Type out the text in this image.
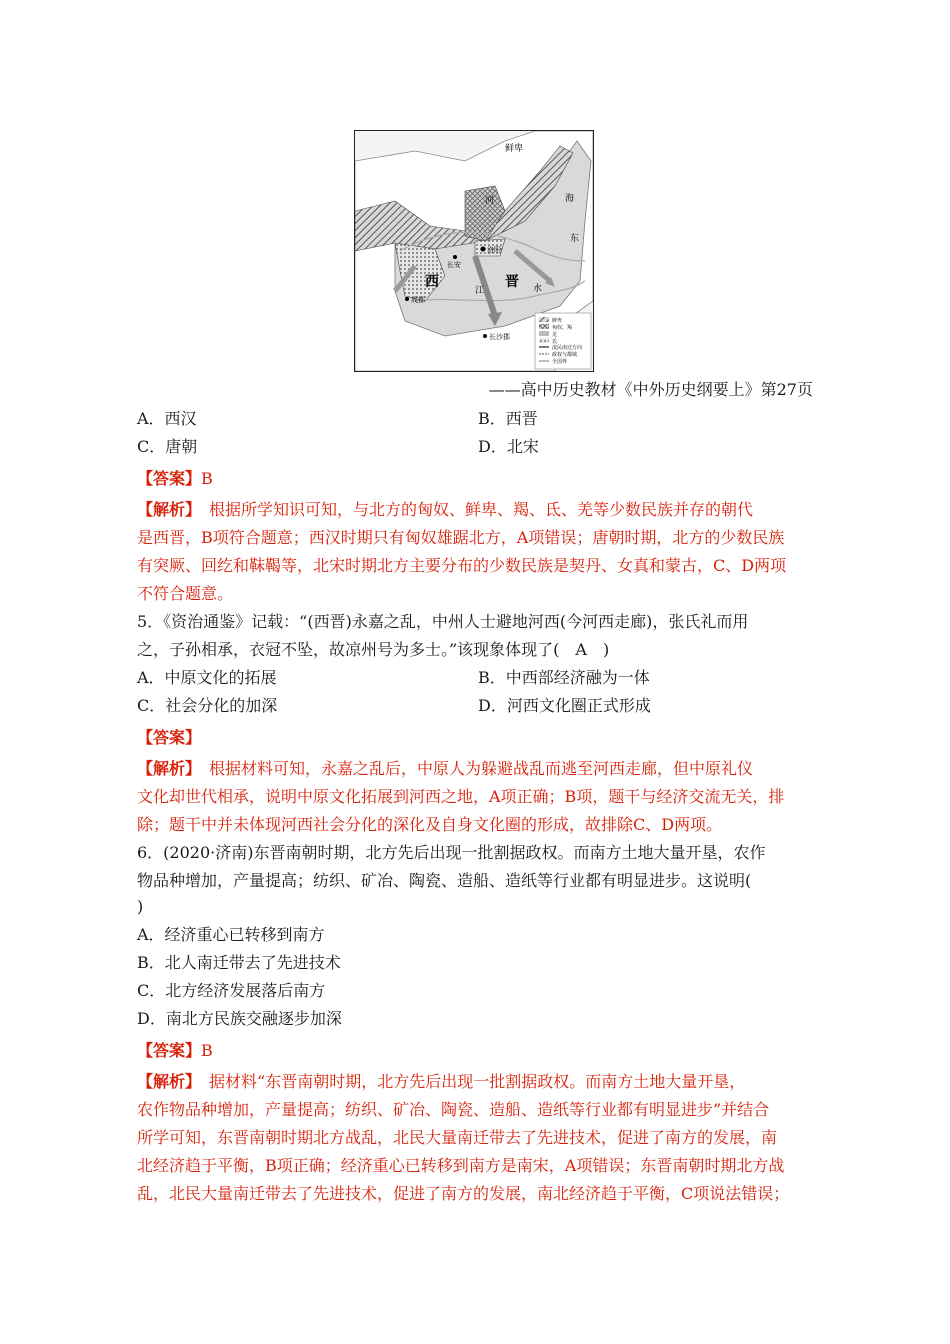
鲜卑
河
东
海
西	晋
江	水
洛阳
长安
成都
长沙郡
鲜卑
匈奴、羯
羌
氐
流民南迁方向
政权与都城
全国界
——高中历史教材《中外历史纲要上》第27页
A．西汉	B．西晋
C．唐朝	D．北宋
【答案】B
【解析】　 根据所学知识可知，与北方的匈奴、鲜卑、羯、氐、羌等少数民族并存的朝代
是西晋，B项符合题意；西汉时期只有匈奴雄踞北方，A项错误；唐朝时期，北方的少数民族
有突厥、回纥和靺鞨等，北宋时期北方主要分布的少数民族是契丹、女真和蒙古，C、D两项
不符合题意。
5．《资治通鉴》记载：“(西晋)永嘉之乱，中州人士避地河西(今河西走廊)，张氏礼而用
之，子孙相承，衣冠不坠，故凉州号为多士。”该现象体现了(　A　)
A．中原文化的拓展	B．中西部经济融为一体
C．社会分化的加深	D．河西文化圈正式形成
【答案】
【解析】　 根据材料可知，永嘉之乱后，中原人为躲避战乱而逃至河西走廊，但中原礼仪
文化却世代相承，说明中原文化拓展到河西之地，A项正确；B项，题干与经济交流无关，排
除；题干中并未体现河西社会分化的深化及自身文化圈的形成，故排除C、D两项。
6．(2020·济南)东晋南朝时期，北方先后出现一批割据政权。而南方土地大量开垦，农作
物品种增加，产量提高；纺织、矿冶、陶瓷、造船、造纸等行业都有明显进步。这说明(
)
A．经济重心已转移到南方
B．北人南迁带去了先进技术
C．北方经济发展落后南方
D．南北方民族交融逐步加深
【答案】B
【解析】　 据材料“东晋南朝时期，北方先后出现一批割据政权。而南方土地大量开垦，
农作物品种增加，产量提高；纺织、矿冶、陶瓷、造船、造纸等行业都有明显进步”并结合
所学可知，东晋南朝时期北方战乱，北民大量南迁带去了先进技术，促进了南方的发展，南
北经济趋于平衡，B项正确；经济重心已转移到南方是南宋，A项错误；东晋南朝时期北方战
乱，北民大量南迁带去了先进技术，促进了南方的发展，南北经济趋于平衡，C项说法错误；
